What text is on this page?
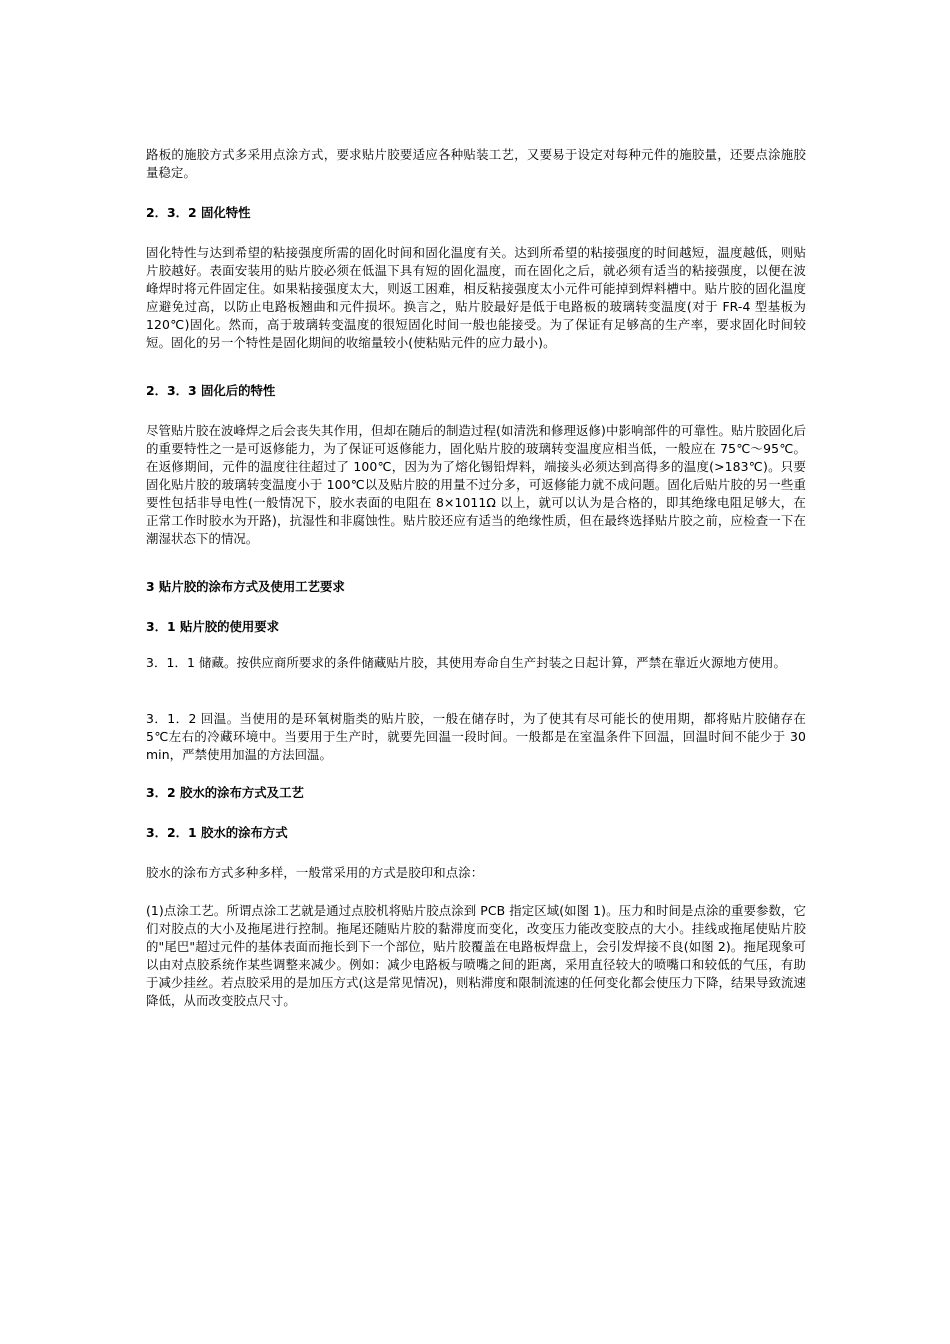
路板的施胶方式多采用点涂方式，要求贴片胶要适应各种贴装工艺，又要易于设定对每种元件的施胶量，还要点涂施胶量稳定。

2．3．2 固化特性

固化特性与达到希望的粘接强度所需的固化时间和固化温度有关。达到所希望的粘接强度的时间越短，温度越低，则贴片胶越好。表面安装用的贴片胶必须在低温下具有短的固化温度，而在固化之后，就必须有适当的粘接强度，以便在波峰焊时将元件固定住。如果粘接强度太大，则返工困难，相反粘接强度太小元件可能掉到焊料槽中。贴片胶的固化温度应避免过高，以防止电路板翘曲和元件损坏。换言之，贴片胶最好是低于电路板的玻璃转变温度(对于 FR-4 型基板为 120℃)固化。然而，高于玻璃转变温度的很短固化时间一般也能接受。为了保证有足够高的生产率，要求固化时间较短。固化的另一个特性是固化期间的收缩量较小(使粘贴元件的应力最小)。

2．3．3 固化后的特性

尽管贴片胶在波峰焊之后会丧失其作用，但却在随后的制造过程(如清洗和修理返修)中影响部件的可靠性。贴片胶固化后的重要特性之一是可返修能力，为了保证可返修能力，固化贴片胶的玻璃转变温度应相当低，一般应在 75℃～95℃。在返修期间，元件的温度往往超过了 100℃，因为为了熔化锡铅焊料，端接头必须达到高得多的温度(>183℃)。只要固化贴片胶的玻璃转变温度小于 100℃以及贴片胶的用量不过分多，可返修能力就不成问题。固化后贴片胶的另一些重要性包括非导电性(一般情况下，胶水表面的电阻在 8×1011Ω 以上，就可以认为是合格的，即其绝缘电阻足够大，在正常工作时胶水为开路)，抗湿性和非腐蚀性。贴片胶还应有适当的绝缘性质，但在最终选择贴片胶之前，应检查一下在潮湿状态下的情况。

3 贴片胶的涂布方式及使用工艺要求
3．1 贴片胶的使用要求

3．1．1 储藏。按供应商所要求的条件储藏贴片胶，其使用寿命自生产封装之日起计算，严禁在靠近火源地方使用。

3．1．2 回温。当使用的是环氧树脂类的贴片胶，一般在储存时，为了使其有尽可能长的使用期，都将贴片胶储存在 5℃左右的冷藏环境中。当要用于生产时，就要先回温一段时间。一般都是在室温条件下回温，回温时间不能少于 30 min，严禁使用加温的方法回温。

3．2 胶水的涂布方式及工艺
3．2．1 胶水的涂布方式

胶水的涂布方式多种多样，一般常采用的方式是胶印和点涂：

(1)点涂工艺。所谓点涂工艺就是通过点胶机将贴片胶点涂到 PCB 指定区域(如图 1)。压力和时间是点涂的重要参数，它们对胶点的大小及拖尾进行控制。拖尾还随贴片胶的黏滞度而变化，改变压力能改变胶点的大小。挂线或拖尾使贴片胶的"尾巴"超过元件的基体表面而拖长到下一个部位，贴片胶覆盖在电路板焊盘上，会引发焊接不良(如图 2)。拖尾现象可以由对点胶系统作某些调整来减少。例如：减少电路板与喷嘴之间的距离，采用直径较大的喷嘴口和较低的气压，有助于减少挂丝。若点胶采用的是加压方式(这是常见情况)，则粘滞度和限制流速的任何变化都会使压力下降，结果导致流速降低，从而改变胶点尺寸。
